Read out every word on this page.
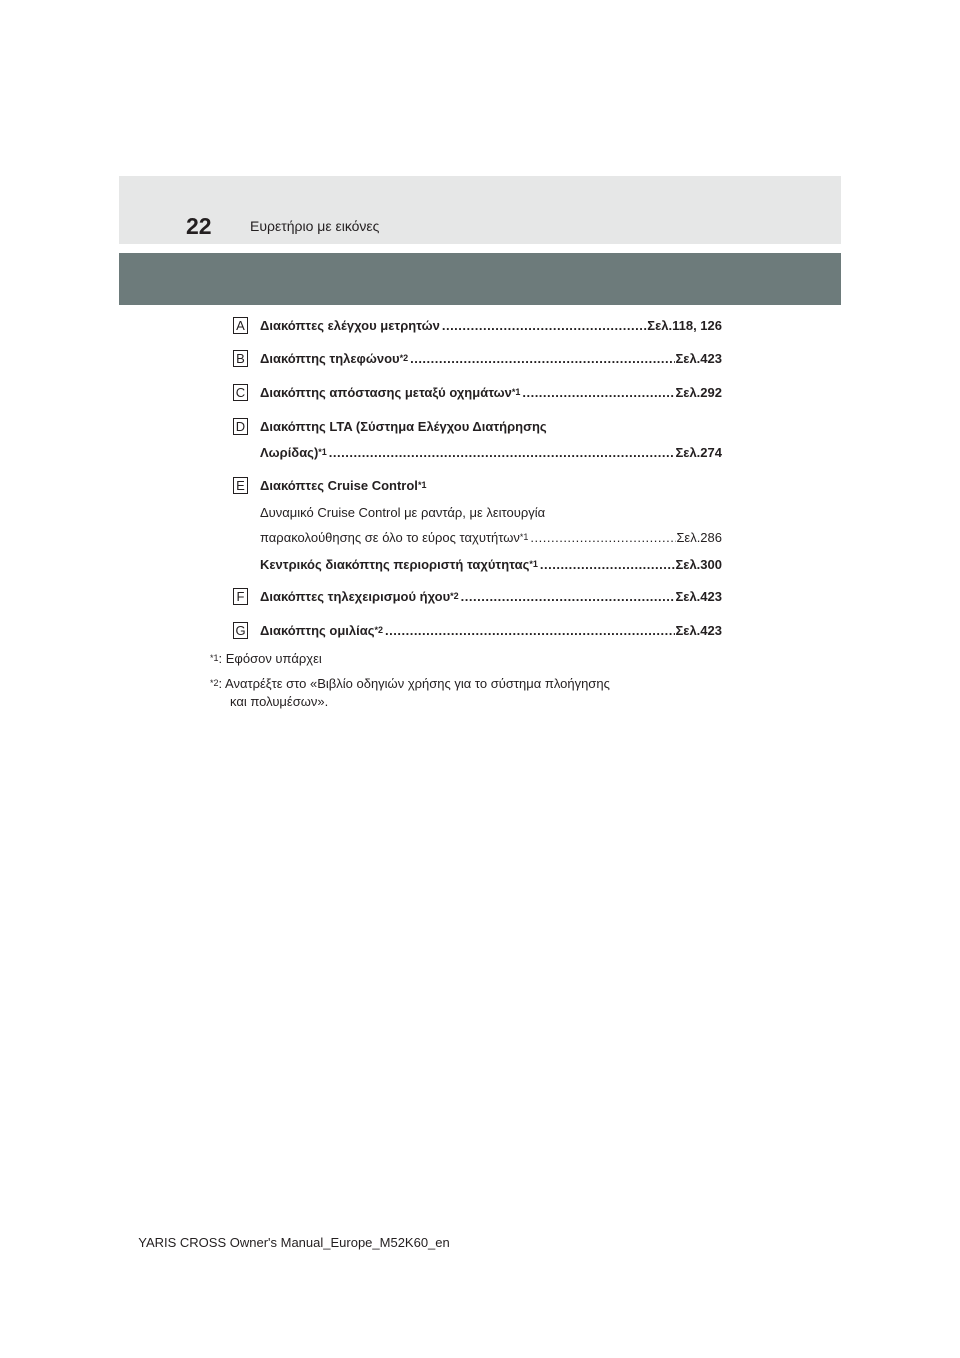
22	Ευρετήριο με εικόνες
A Διακόπτες ελέγχου μετρητών .....	Σελ.118, 126
B Διακόπτης τηλεφώνου$^{*2}$ .....	Σελ.423
C Διακόπτης απόστασης μεταξύ οχημάτων$^{*1}$ .....	Σελ.292
D Διακόπτης LTA (Σύστημα Ελέγχου Διατήρησης
Λωρίδας)$^{*1}$ .....	Σελ.274
E Διακόπτες Cruise Control$^{*1}$
Δυναμικό Cruise Control με ραντάρ, με λειτουργία
παρακολούθησης σε όλο το εύρος ταχυτήτων$^{*1}$ .....	Σελ.286
Κεντρικός διακόπτης περιοριστή ταχύτητας$^{*1}$ .....	Σελ.300
F Διακόπτες τηλεχειρισμού ήχου$^{*2}$ .....	Σελ.423
G Διακόπτης ομιλίας$^{*2}$ .....	Σελ.423
$^{*1}$: Εφόσον υπάρχει
$^{*2}$: Ανατρέξτε στο «Βιβλίο οδηγιών χρήσης για το σύστημα πλοήγησης
και πολυμέσων».
YARIS CROSS Owner's Manual_Europe_M52K60_en
